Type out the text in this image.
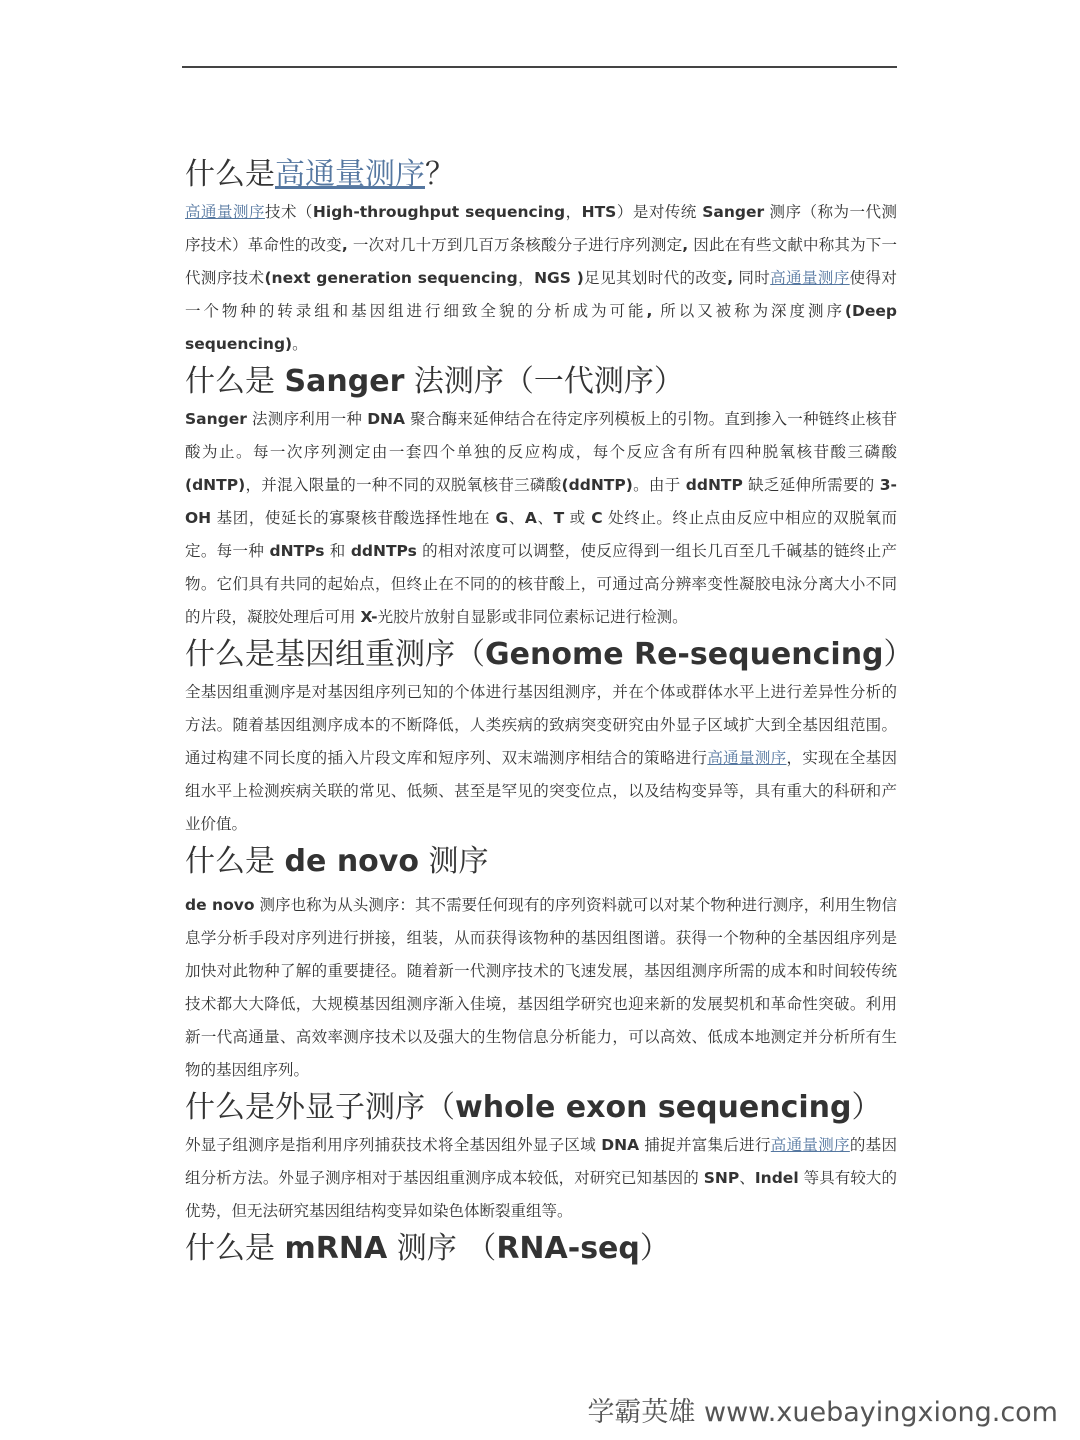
什么是高通量测序？

高通量测序技术（High-throughput sequencing，HTS）是对传统 Sanger 测序（称为一代测序技术）革命性的改变, 一次对几十万到几百万条核酸分子进行序列测定, 因此在有些文献中称其为下一代测序技术(next generation sequencing，NGS )足见其划时代的改变, 同时高通量测序使得对一个物种的转录组和基因组进行细致全貌的分析成为可能, 所以又被称为深度测序(Deep sequencing)。

什么是 Sanger 法测序（一代测序）

Sanger 法测序利用一种 DNA 聚合酶来延伸结合在待定序列模板上的引物。直到掺入一种链终止核苷酸为止。每一次序列测定由一套四个单独的反应构成，每个反应含有所有四种脱氧核苷酸三磷酸(dNTP)，并混入限量的一种不同的双脱氧核苷三磷酸(ddNTP)。由于 ddNTP 缺乏延伸所需要的 3-OH 基团，使延长的寡聚核苷酸选择性地在 G、A、T 或 C 处终止。终止点由反应中相应的双脱氧而定。每一种 dNTPs 和 ddNTPs 的相对浓度可以调整，使反应得到一组长几百至几千碱基的链终止产物。它们具有共同的起始点，但终止在不同的的核苷酸上，可通过高分辨率变性凝胶电泳分离大小不同的片段，凝胶处理后可用 X-光胶片放射自显影或非同位素标记进行检测。

什么是基因组重测序（Genome Re-sequencing）

全基因组重测序是对基因组序列已知的个体进行基因组测序，并在个体或群体水平上进行差异性分析的方法。随着基因组测序成本的不断降低，人类疾病的致病突变研究由外显子区域扩大到全基因组范围。通过构建不同长度的插入片段文库和短序列、双末端测序相结合的策略进行高通量测序，实现在全基因组水平上检测疾病关联的常见、低频、甚至是罕见的突变位点，以及结构变异等，具有重大的科研和产业价值。

什么是 de novo 测序

de novo 测序也称为从头测序：其不需要任何现有的序列资料就可以对某个物种进行测序，利用生物信息学分析手段对序列进行拼接，组装，从而获得该物种的基因组图谱。获得一个物种的全基因组序列是加快对此物种了解的重要捷径。随着新一代测序技术的飞速发展，基因组测序所需的成本和时间较传统技术都大大降低，大规模基因组测序渐入佳境，基因组学研究也迎来新的发展契机和革命性突破。利用新一代高通量、高效率测序技术以及强大的生物信息分析能力，可以高效、低成本地测定并分析所有生物的基因组序列。

什么是外显子测序（whole exon sequencing）

外显子组测序是指利用序列捕获技术将全基因组外显子区域 DNA 捕捉并富集后进行高通量测序的基因组分析方法。外显子测序相对于基因组重测序成本较低，对研究已知基因的 SNP、Indel 等具有较大的优势，但无法研究基因组结构变异如染色体断裂重组等。

什么是 mRNA 测序 （RNA-seq）
学霸英雄 www.xuebayingxiong.com
